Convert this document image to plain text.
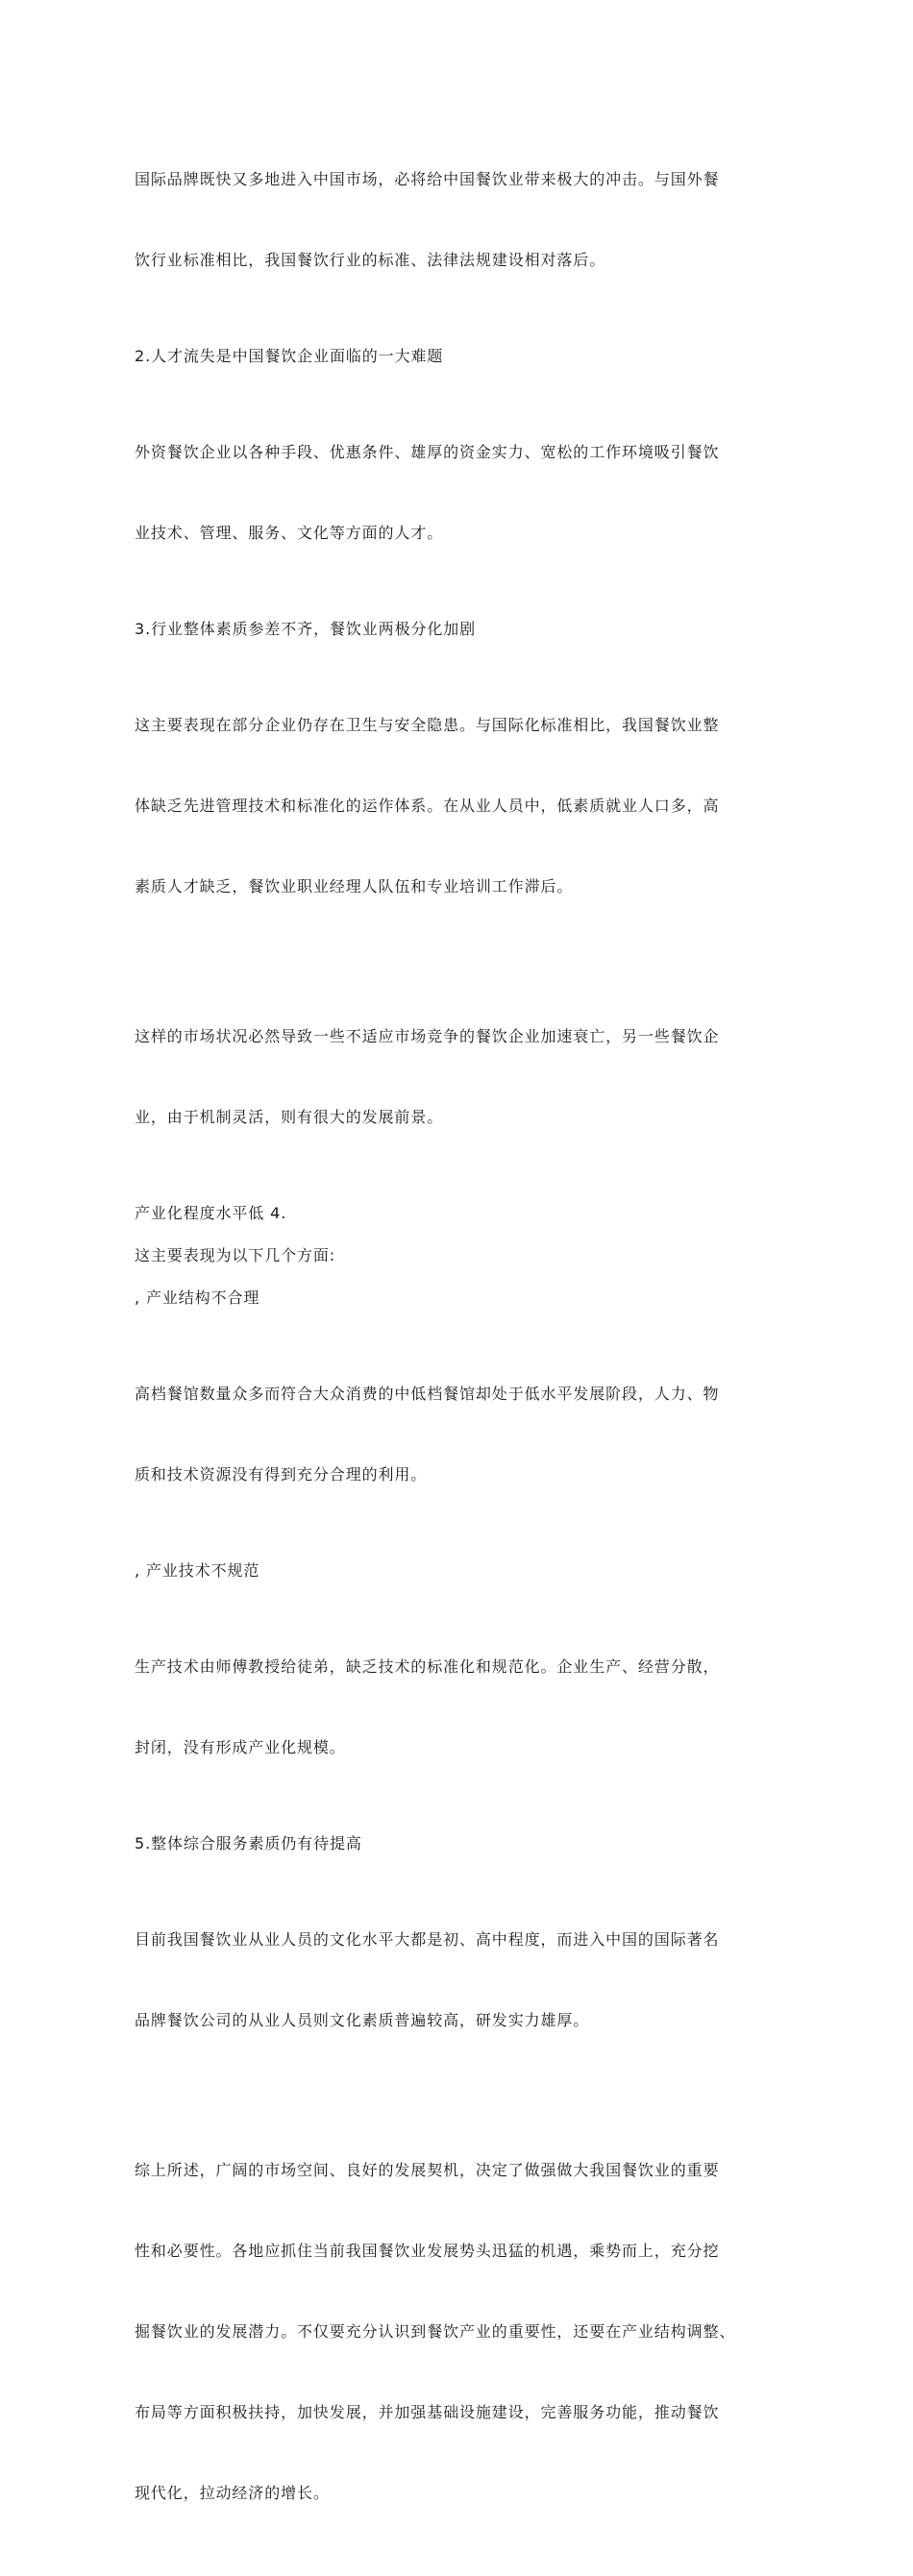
国际品牌既快又多地进入中国市场，必将给中国餐饮业带来极大的冲击。与国外餐

饮行业标准相比，我国餐饮行业的标准、法律法规建设相对落后。

2.人才流失是中国餐饮企业面临的一大难题

外资餐饮企业以各种手段、优惠条件、雄厚的资金实力、宽松的工作环境吸引餐饮

业技术、管理、服务、文化等方面的人才。

3.行业整体素质参差不齐，餐饮业两极分化加剧

这主要表现在部分企业仍存在卫生与安全隐患。与国际化标准相比，我国餐饮业整

体缺乏先进管理技术和标准化的运作体系。在从业人员中，低素质就业人口多，高

素质人才缺乏，餐饮业职业经理人队伍和专业培训工作滞后。

这样的市场状况必然导致一些不适应市场竞争的餐饮企业加速衰亡，另一些餐饮企

业，由于机制灵活，则有很大的发展前景。

产业化程度水平低 4.

这主要表现为以下几个方面:

, 产业结构不合理

高档餐馆数量众多而符合大众消费的中低档餐馆却处于低水平发展阶段，人力、物

质和技术资源没有得到充分合理的利用。

, 产业技术不规范

生产技术由师傅教授给徒弟，缺乏技术的标准化和规范化。企业生产、经营分散，

封闭，没有形成产业化规模。

5.整体综合服务素质仍有待提高

目前我国餐饮业从业人员的文化水平大都是初、高中程度，而进入中国的国际著名

品牌餐饮公司的从业人员则文化素质普遍较高，研发实力雄厚。

综上所述，广阔的市场空间、良好的发展契机，决定了做强做大我国餐饮业的重要

性和必要性。各地应抓住当前我国餐饮业发展势头迅猛的机遇，乘势而上，充分挖

掘餐饮业的发展潜力。不仅要充分认识到餐饮产业的重要性，还要在产业结构调整、

布局等方面积极扶持，加快发展，并加强基础设施建设，完善服务功能，推动餐饮

现代化，拉动经济的增长。
